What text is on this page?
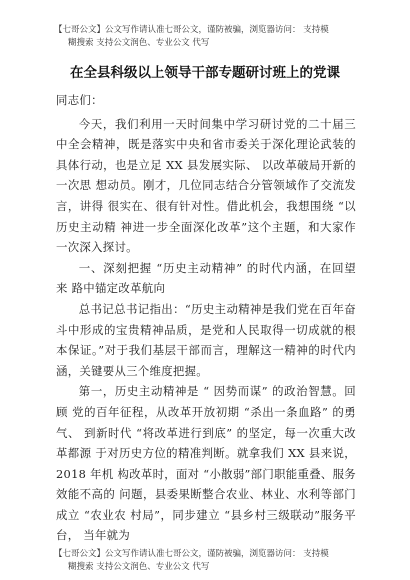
【七哥公文】公文写作请认准七哥公文，谨防被骗，浏览器访问： 支持模
糊搜索 支持公文润色、专业公文 代写
在全县科级以上领导干部专题研讨班上的党课

同志们：

今天，我们利用一天时间集中学习研讨党的二十届三中全会精神，既是落实中央和省市委关于深化理论武装的具体行动，也是立足 XX 县发展实际、 以改革破局开新的一次思 想动员。刚才，几位同志结合分管领域作了交流发言，讲得 很实在、很有针对性。借此机会，我想围绕 “以历史主动精 神进一步全面深化改革”这个主题，和大家作一次深入探讨。

一、深刻把握 “历史主动精神” 的时代内涵，在回望来 路中锚定改革航向

总书记总书记指出：“历史主动精神是我们党在百年奋斗中形成的宝贵精神品质，是党和人民取得一切成就的根本保证。”对于我们基层干部而言，理解这一精神的时代内涵，关键要从三个维度把握。

第一，历史主动精神是 “ 因势而谋” 的政治智慧。回顾 党的百年征程，从改革开放初期 “杀出一条血路” 的勇气、 到新时代 “将改革进行到底” 的坚定，每一次重大改革都源 于对历史方位的精准判断。就拿我们 XX 县来说，2018 年机 构改革时，面对 “小散弱”部门职能重叠、服务效能不高的 问题，县委果断整合农业、林业、水利等部门成立 “农业农 村局”，同步建立 “县乡村三级联动”服务平台， 当年就为

【七哥公文】公文写作请认准七哥公文，谨防被骗，浏览器访问： 支持模
糊搜索 支持公文润色、专业公文 代写
